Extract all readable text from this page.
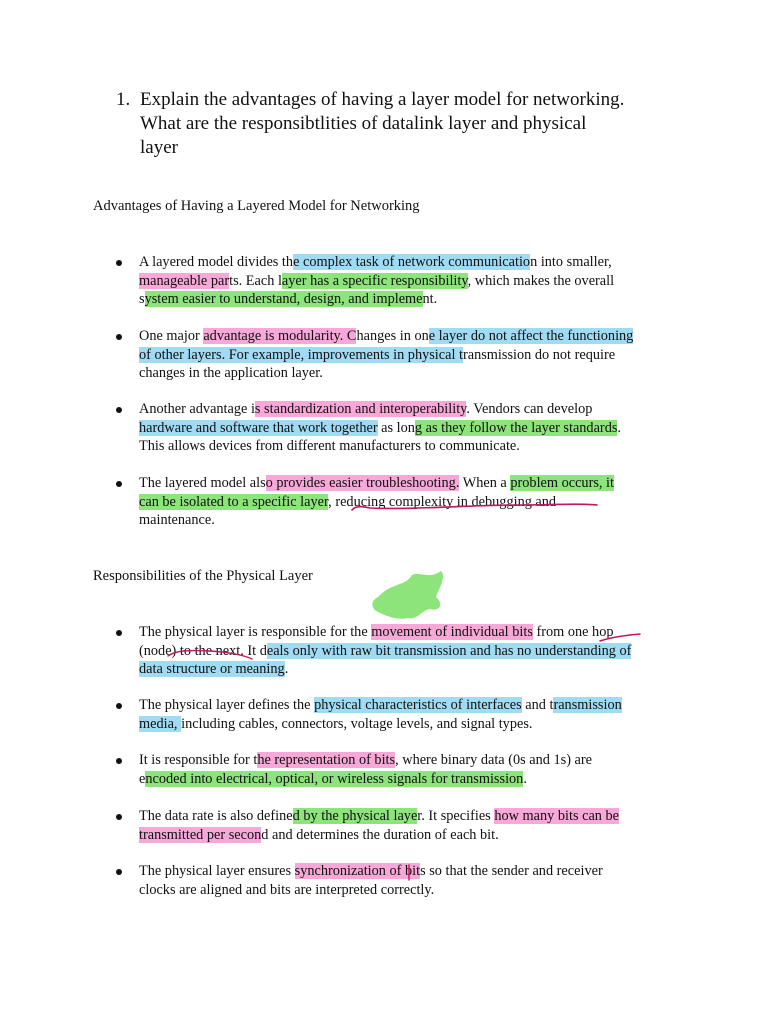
1. Explain the advantages of having a layer model for networking.
What are the responsibtlities of datalink layer and physical
layer
Advantages of Having a Layered Model for Networking
A layered model divides the complex task of network communication into smaller,
manageable parts. Each layer has a specific responsibility, which makes the overall
system easier to understand, design, and implement.
One major advantage is modularity. Changes in one layer do not affect the functioning
of other layers. For example, improvements in physical transmission do not require
changes in the application layer.
Another advantage is standardization and interoperability. Vendors can develop
hardware and software that work together as long as they follow the layer standards.
This allows devices from different manufacturers to communicate.
The layered model also provides easier troubleshooting. When a problem occurs, it
can be isolated to a specific layer, reducing complexity in debugging and
maintenance.
Responsibilities of the Physical Layer
The physical layer is responsible for the movement of individual bits from one hop
(node) to the next. It deals only with raw bit transmission and has no understanding of
data structure or meaning.
The physical layer defines the physical characteristics of interfaces and transmission
media, including cables, connectors, voltage levels, and signal types.
It is responsible for the representation of bits, where binary data (0s and 1s) are
encoded into electrical, optical, or wireless signals for transmission.
The data rate is also defined by the physical layer. It specifies how many bits can be
transmitted per second and determines the duration of each bit.
The physical layer ensures synchronization of bits so that the sender and receiver
clocks are aligned and bits are interpreted correctly.
